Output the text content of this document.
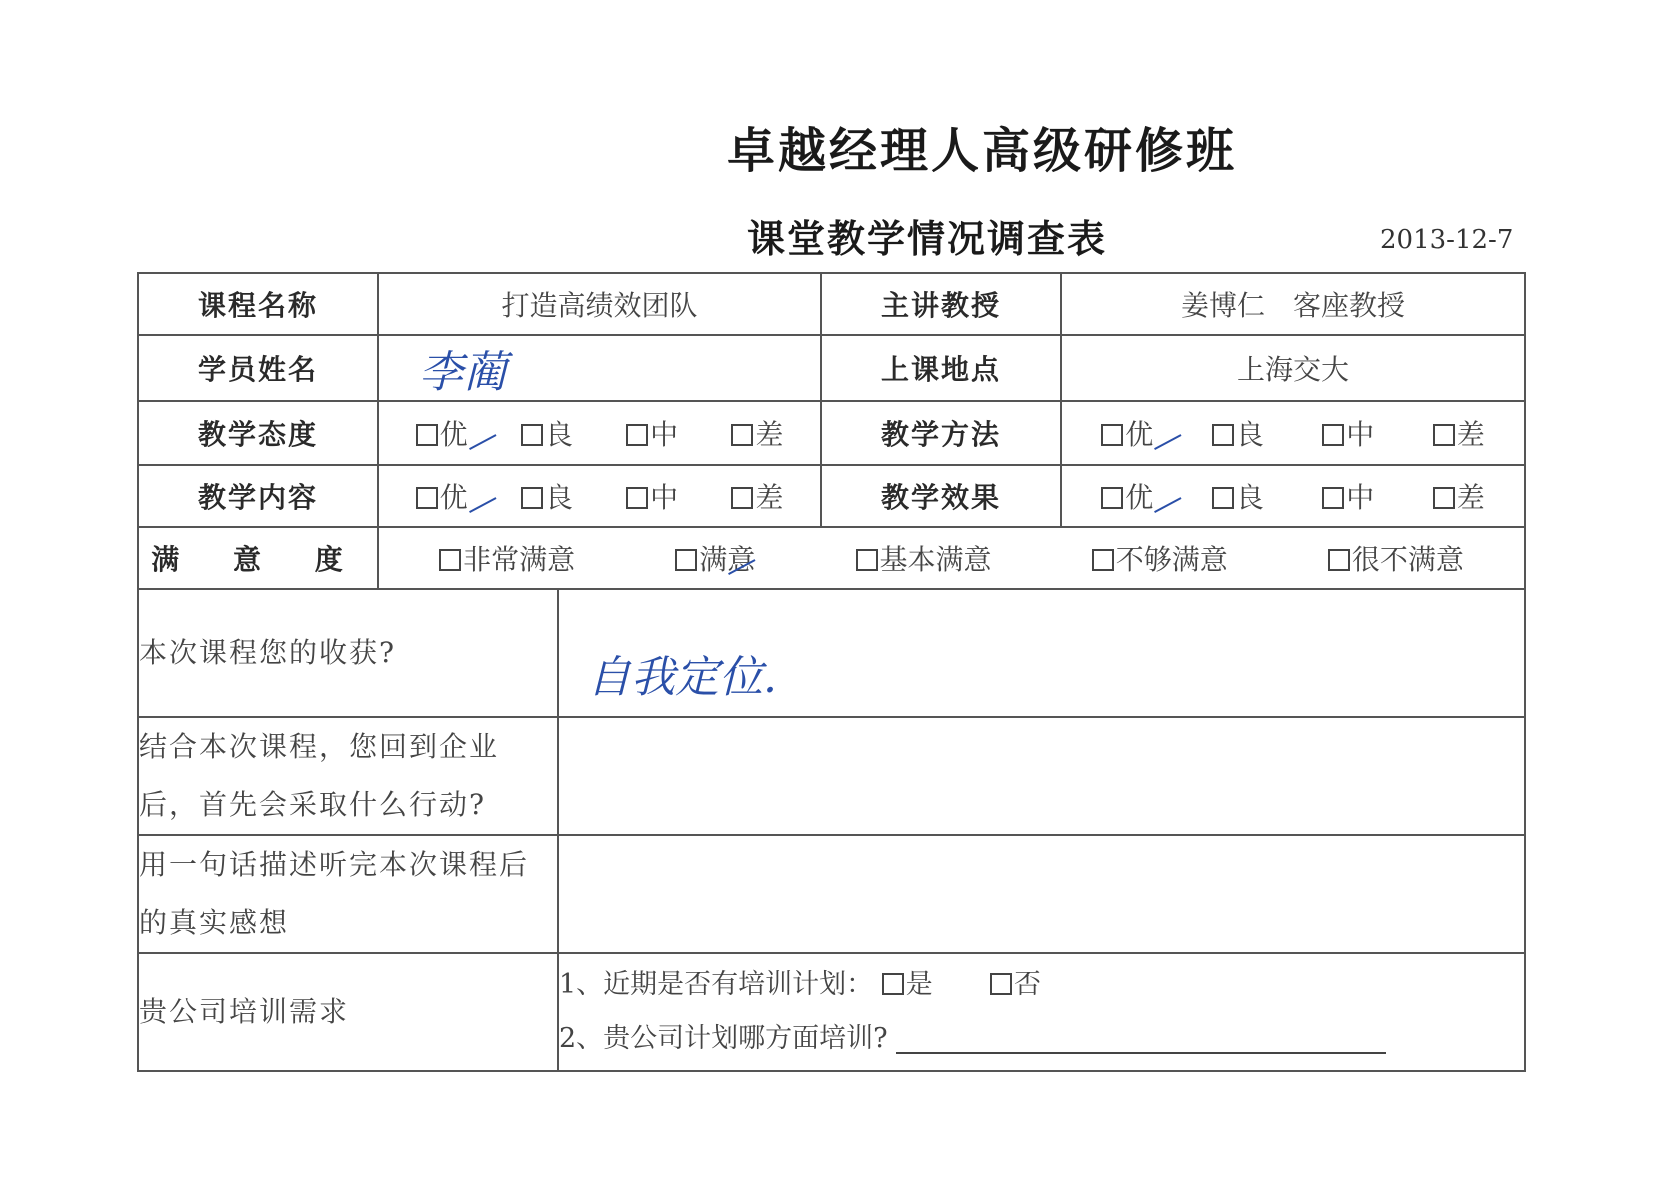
卓越经理人高级研修班
课堂教学情况调查表	2013-12-7
课程名称	打造高绩效团队		主讲教授	姜博仁　客座教授
学员姓名	李蔺		上课地点	上海交大
教学态度	优 良 中 差		教学方法	优 良 中 差

教学内容	优 良 中 差		教学效果	优 良 中 差

满 意 度	非常满意 满意 基本满意 不够满意 很不满意			

本次课程您的收获?		自我定位.		
结合本次课程，您回到企业后，首先会采取什么行动?				
用一句话描述听完本次课程后的真实感想				
贵公司培训需求		1、近期是否有培训计划： 是 否
2、贵公司计划哪方面培训?		
